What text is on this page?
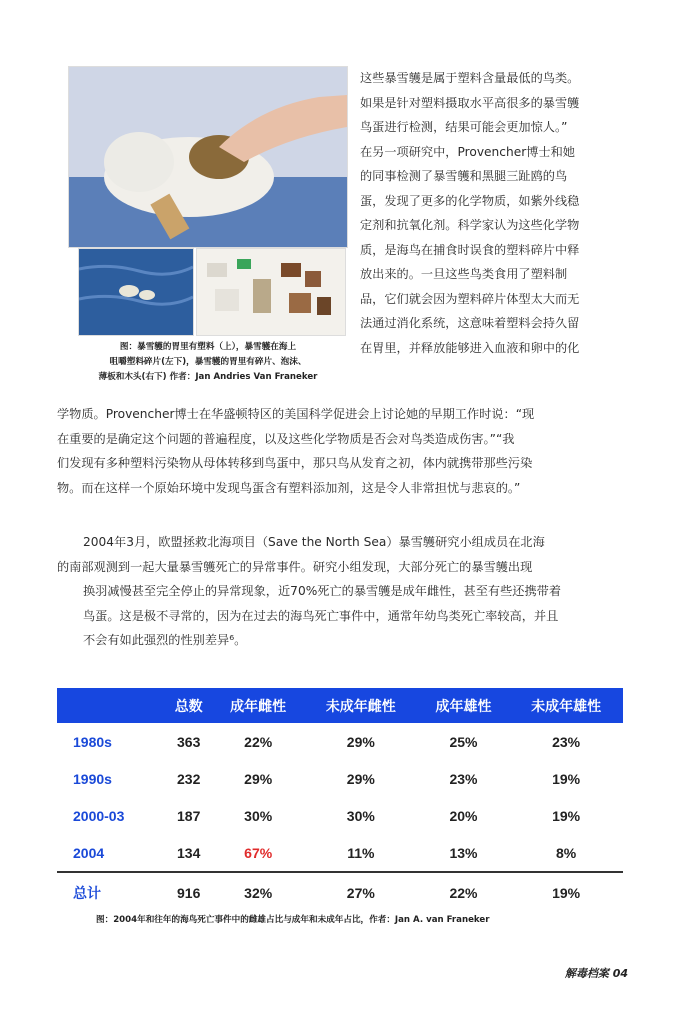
图：暴雪鹱的胃里有塑料（上），暴雪鹱在海上
咀嚼塑料碎片(左下)，暴雪鹱的胃里有碎片、泡沫、
薄板和木头(右下) 作者：Jan Andries Van Franeker
这些暴雪鹱是属于塑料含量最低的鸟类。
如果是针对塑料摄取水平高很多的暴雪鹱
鸟蛋进行检测，结果可能会更加惊人。”
在另一项研究中，Provencher博士和她
的同事检测了暴雪鹱和黑腿三趾鸥的鸟
蛋，发现了更多的化学物质，如紫外线稳
定剂和抗氧化剂。科学家认为这些化学物
质，是海鸟在捕食时误食的塑料碎片中释
放出来的。一旦这些鸟类食用了塑料制
品，它们就会因为塑料碎片体型太大而无
法通过消化系统，这意味着塑料会持久留
在胃里，并释放能够进入血液和卵中的化
学物质。Provencher博士在华盛顿特区的美国科学促进会上讨论她的早期工作时说：“现
在重要的是确定这个问题的普遍程度，以及这些化学物质是否会对鸟类造成伤害。”“我
们发现有多种塑料污染物从母体转移到鸟蛋中，那只鸟从发育之初，体内就携带那些污染
物。而在这样一个原始环境中发现鸟蛋含有塑料添加剂，这是令人非常担忧与悲哀的。”
2004年3月，欧盟拯救北海项目（Save the North Sea）暴雪鹱研究小组成员在北海
的南部观测到一起大量暴雪鹱死亡的异常事件。研究小组发现，大部分死亡的暴雪鹱出现
换羽减慢甚至完全停止的异常现象，近70%死亡的暴雪鹱是成年雌性，甚至有些还携带着
鸟蛋。这是极不寻常的，因为在过去的海鸟死亡事件中，通常年幼鸟类死亡率较高，并且
不会有如此强烈的性别差异⁶。
	总数	成年雌性	未成年雌性	成年雄性	未成年雄性
1980s	363	22%	29%	25%	23%
1990s	232	29%	29%	23%	19%
2000-03	187	30%	30%	20%	19%
2004	134	67%	11%	13%	8%
总计	916	32%	27%	22%	19%
图：2004年和往年的海鸟死亡事件中的雌雄占比与成年和未成年占比，作者：Jan A. van Franeker
解毒档案 04
